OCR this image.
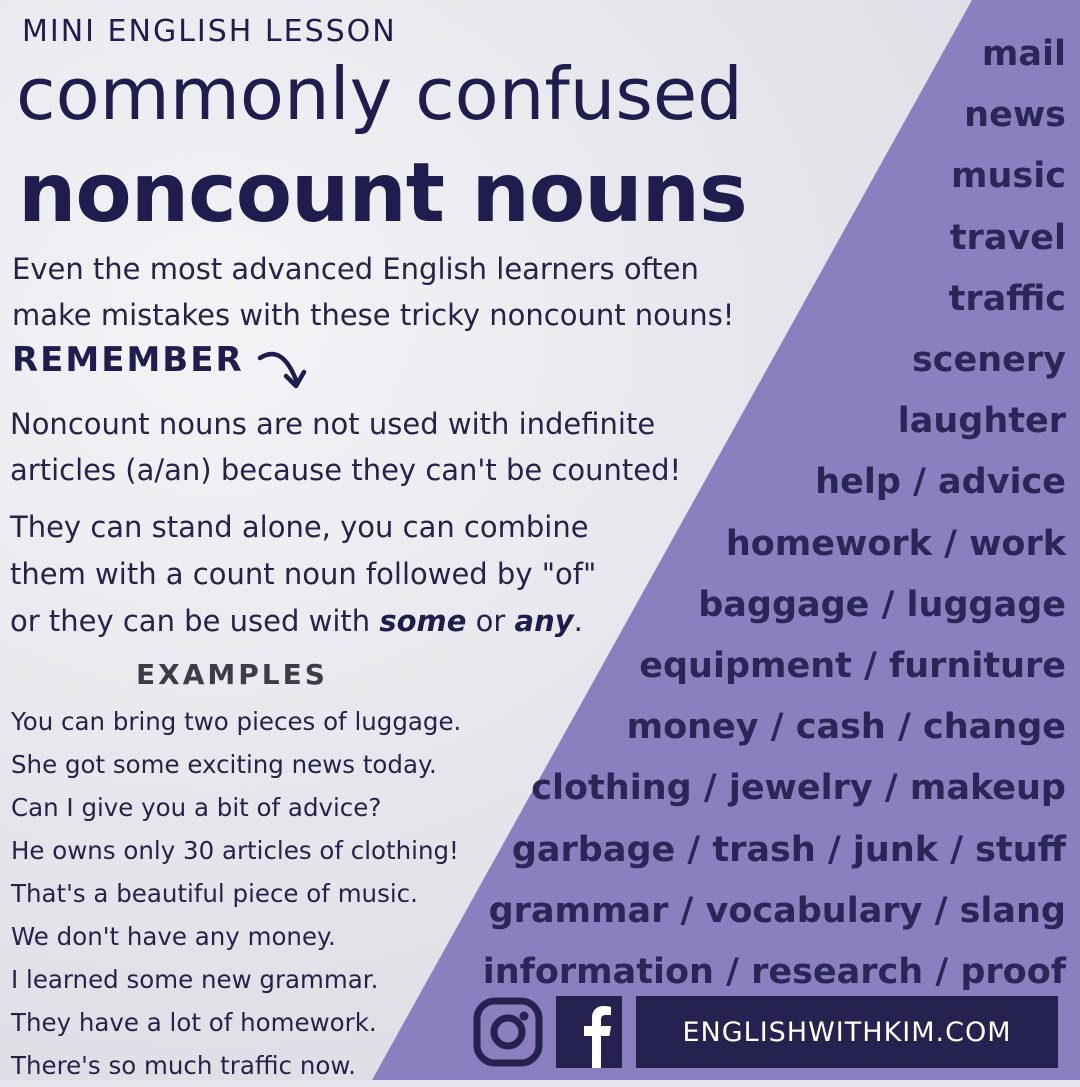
MINI ENGLISH LESSON
commonly confused
noncount nouns
Even the most advanced English learners often make mistakes with these tricky noncount nouns!
REMEMBER
Noncount nouns are not used with indefinite articles (a/an) because they can't be counted!
They can stand alone, you can combine them with a count noun followed by "of" or they can be used with some or any.
EXAMPLES
You can bring two pieces of luggage.
She got some exciting news today.
Can I give you a bit of advice?
He owns only 30 articles of clothing!
That's a beautiful piece of music.
We don't have any money.
I learned some new grammar.
They have a lot of homework.
There's so much traffic now.
mail
news
music
travel
traffic
scenery
laughter
help / advice
homework / work
baggage / luggage
equipment / furniture
money / cash / change
clothing / jewelry / makeup
garbage / trash / junk / stuff
grammar / vocabulary / slang
information / research / proof
ENGLISHWITHKIM.COM
